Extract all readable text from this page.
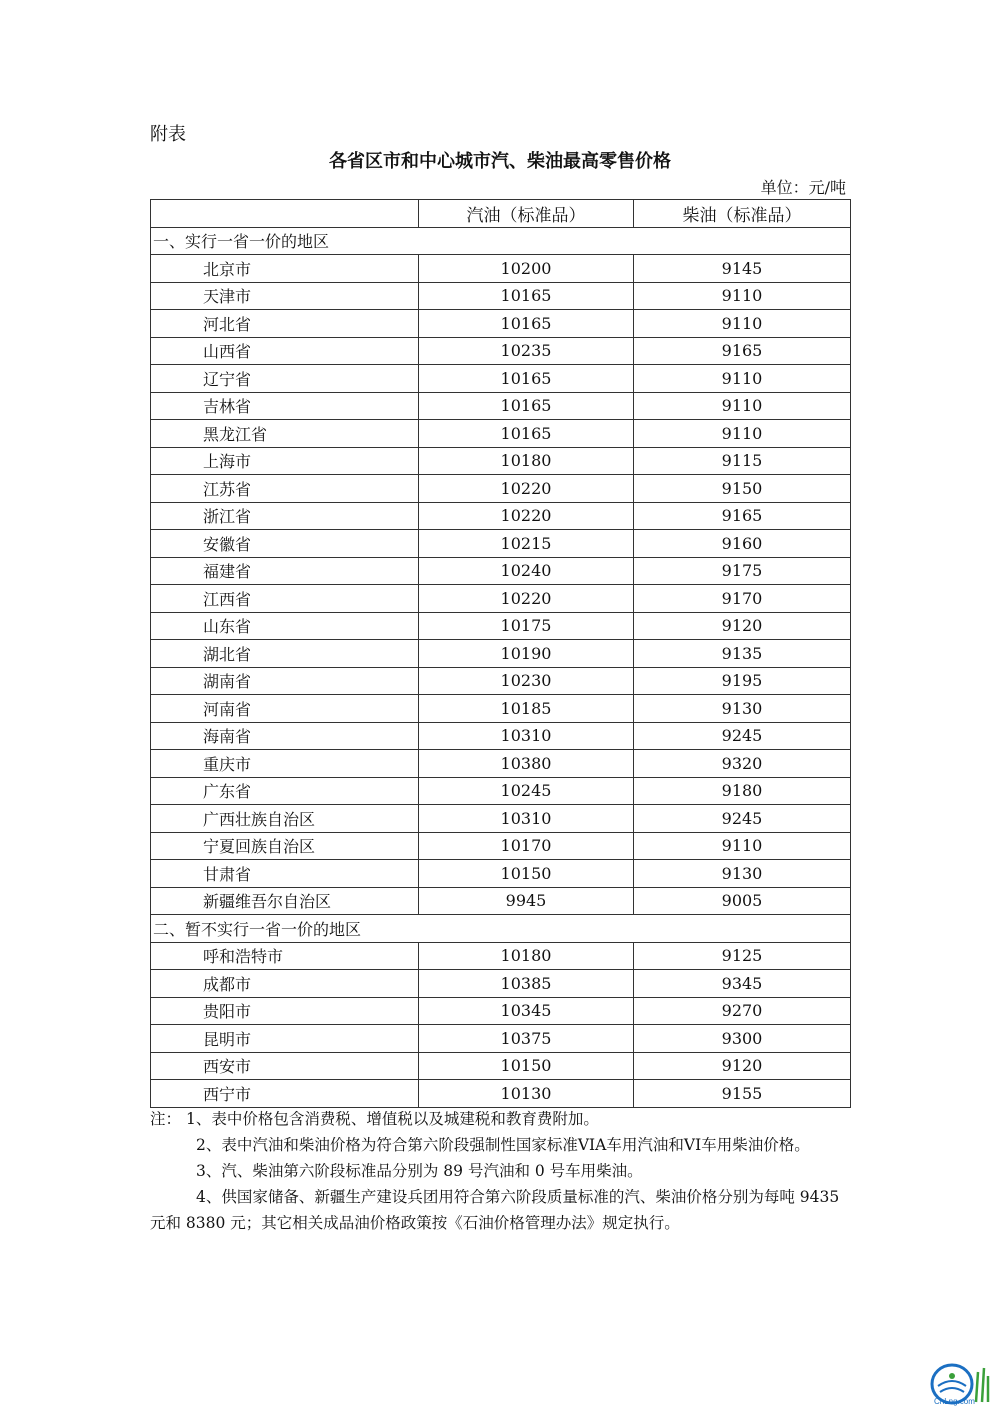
附表
各省区市和中心城市汽、柴油最高零售价格
单位：元/吨
	汽油（标准品）	柴油（标准品）
一、实行一省一价的地区		
北京市	10200	9145
天津市	10165	9110
河北省	10165	9110
山西省	10235	9165
辽宁省	10165	9110
吉林省	10165	9110
黑龙江省	10165	9110
上海市	10180	9115
江苏省	10220	9150
浙江省	10220	9165
安徽省	10215	9160
福建省	10240	9175
江西省	10220	9170
山东省	10175	9120
湖北省	10190	9135
湖南省	10230	9195
河南省	10185	9130
海南省	10310	9245
重庆市	10380	9320
广东省	10245	9180
广西壮族自治区	10310	9245
宁夏回族自治区	10170	9110
甘肃省	10150	9130
新疆维吾尔自治区	9945	9005
二、暂不实行一省一价的地区		
呼和浩特市	10180	9125
成都市	10385	9345
贵阳市	10345	9270
昆明市	10375	9300
西安市	10150	9120
西宁市	10130	9155

注： 1、表中价格包含消费税、增值税以及城建税和教育费附加。

2、表中汽油和柴油价格为符合第六阶段强制性国家标准VIA车用汽油和VI车用柴油价格。

3、汽、柴油第六阶段标准品分别为 89 号汽油和 0 号车用柴油。

4、供国家储备、新疆生产建设兵团用符合第六阶段质量标准的汽、柴油价格分别为每吨 9435 元和 8380 元；其它相关成品油价格政策按《石油价格管理办法》规定执行。

CnLng.com
